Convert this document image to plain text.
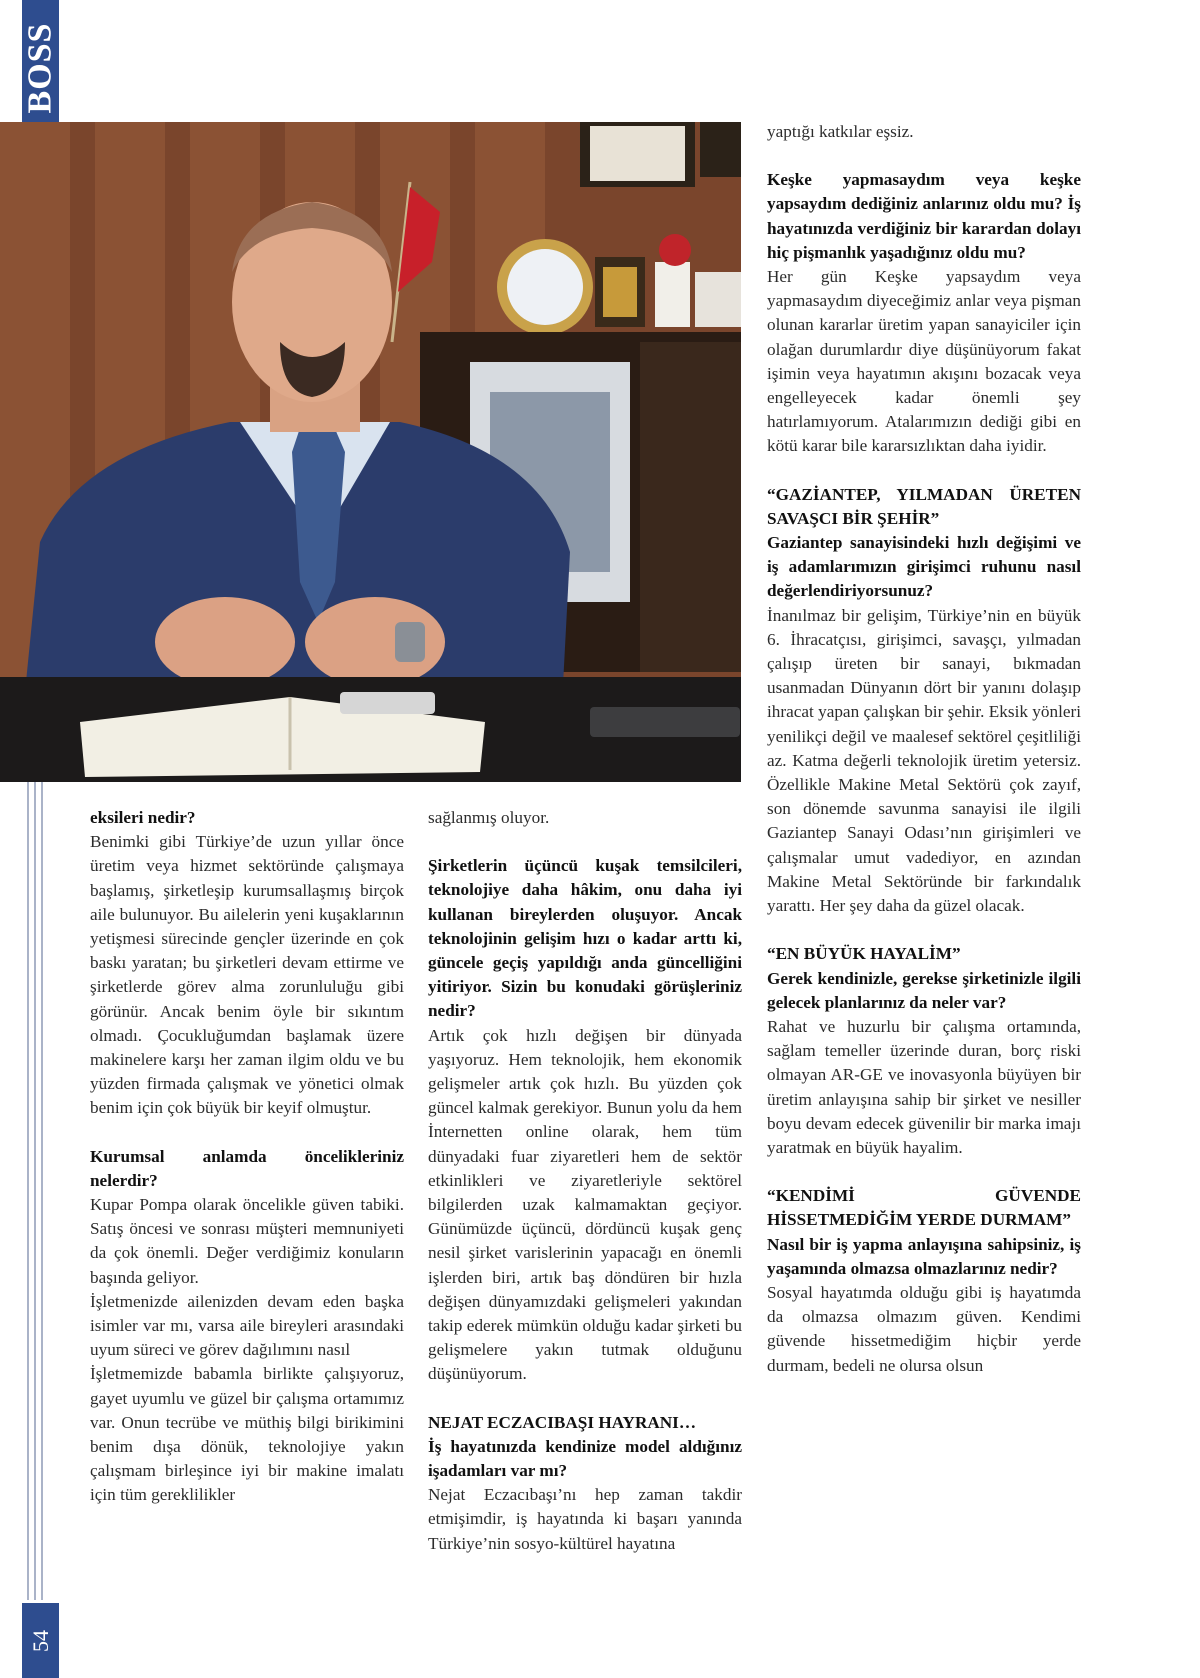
BOSS
54

eksileri nedir?

Benimki gibi Türkiye’de uzun yıllar önce üretim veya hizmet sektöründe çalışmaya başlamış, şirketleşip kurumsallaşmış birçok aile bulunuyor. Bu ailelerin yeni kuşaklarının yetişmesi sürecinde gençler üzerinde en çok baskı yaratan; bu şirketleri devam ettirme ve şirketlerde görev alma zorunluluğu gibi görünür. Ancak benim öyle bir sıkıntım olmadı. Çocukluğumdan başlamak üzere makinelere karşı her zaman ilgim oldu ve bu yüzden firmada çalışmak ve yönetici olmak benim için çok büyük bir keyif olmuştur.

Kurumsal anlamda öncelikleriniz nelerdir?

Kupar Pompa olarak öncelikle güven tabiki. Satış öncesi ve sonrası müşteri memnuniyeti da çok önemli. Değer verdiğimiz konuların başında geliyor.

İşletmenizde ailenizden devam eden başka isimler var mı, varsa aile bireyleri arasındaki uyum süreci ve görev dağılımını nasıl

İşletmemizde babamla birlikte çalışıyoruz, gayet uyumlu ve güzel bir çalışma ortamımız var. Onun tecrübe ve müthiş bilgi birikimini benim dışa dönük, teknolojiye yakın çalışmam birleşince iyi bir makine imalatı için tüm gereklilikler

sağlanmış oluyor.

Şirketlerin üçüncü kuşak temsilcileri, teknolojiye daha hâkim, onu daha iyi kullanan bireylerden oluşuyor. Ancak teknolojinin gelişim hızı o kadar arttı ki, güncele geçiş yapıldığı anda güncelliğini yitiriyor. Sizin bu konudaki görüşleriniz nedir?

Artık çok hızlı değişen bir dünyada yaşıyoruz. Hem teknolojik, hem ekonomik gelişmeler artık çok hızlı. Bu yüzden çok güncel kalmak gerekiyor. Bunun yolu da hem İnternetten online olarak, hem tüm dünyadaki fuar ziyaretleri hem de sektör etkinlikleri ve ziyaretleriyle sektörel bilgilerden uzak kalmamaktan geçiyor. Günümüzde üçüncü, dördüncü kuşak genç nesil şirket varislerinin yapacağı en önemli işlerden biri, artık baş döndüren bir hızla değişen dünyamızdaki gelişmeleri yakından takip ederek mümkün olduğu kadar şirketi bu gelişmelere yakın tutmak olduğunu düşünüyorum.

NEJAT ECZACIBAŞI HAYRANI…

İş hayatınızda kendinize model aldığınız işadamları var mı?

Nejat Eczacıbaşı’nı hep zaman takdir etmişimdir, iş hayatında ki başarı yanında Türkiye’nin sosyo-kültürel hayatına

yaptığı katkılar eşsiz.

Keşke yapmasaydım veya keşke yapsaydım dediğiniz anlarınız oldu mu? İş hayatınızda verdiğiniz bir karardan dolayı hiç pişmanlık yaşadığınız oldu mu?

Her gün Keşke yapsaydım veya yapmasaydım diyeceğimiz anlar veya pişman olunan kararlar üretim yapan sanayiciler için olağan durumlardır diye düşünüyorum fakat işimin veya hayatımın akışını bozacak veya engelleyecek kadar önemli şey hatırlamıyorum. Atalarımızın dediği gibi en kötü karar bile kararsızlıktan daha iyidir.

“GAZİANTEP, YILMADAN ÜRETEN SAVAŞCI BİR ŞEHİR”

Gaziantep sanayisindeki hızlı değişimi ve iş adamlarımızın girişimci ruhunu nasıl değerlendiriyorsunuz?

İnanılmaz bir gelişim, Türkiye’nin en büyük 6. İhracatçısı, girişimci, savaşçı, yılmadan çalışıp üreten bir sanayi, bıkmadan usanmadan Dünyanın dört bir yanını dolaşıp ihracat yapan çalışkan bir şehir. Eksik yönleri yenilikçi değil ve maalesef sektörel çeşitliliği az. Katma değerli teknolojik üretim yetersiz. Özellikle Makine Metal Sektörü çok zayıf, son dönemde savunma sanayisi ile ilgili Gaziantep Sanayi Odası’nın girişimleri ve çalışmalar umut vadediyor, en azından Makine Metal Sektöründe bir farkındalık yarattı. Her şey daha da güzel olacak.

“EN BÜYÜK HAYALİM”

Gerek kendinizle, gerekse şirketinizle ilgili gelecek planlarınız da neler var?

Rahat ve huzurlu bir çalışma ortamında, sağlam temeller üzerinde duran, borç riski olmayan AR-GE ve inovasyonla büyüyen bir üretim anlayışına sahip bir şirket ve nesiller boyu devam edecek güvenilir bir marka imajı yaratmak en büyük hayalim.

“KENDİMİ GÜVENDE HİSSETMEDİĞİM YERDE DURMAM”

Nasıl bir iş yapma anlayışına sahipsiniz, iş yaşamında olmazsa olmazlarınız nedir?

Sosyal hayatımda olduğu gibi iş hayatımda da olmazsa olmazım güven. Kendimi güvende hissetmediğim hiçbir yerde durmam, bedeli ne olursa olsun
